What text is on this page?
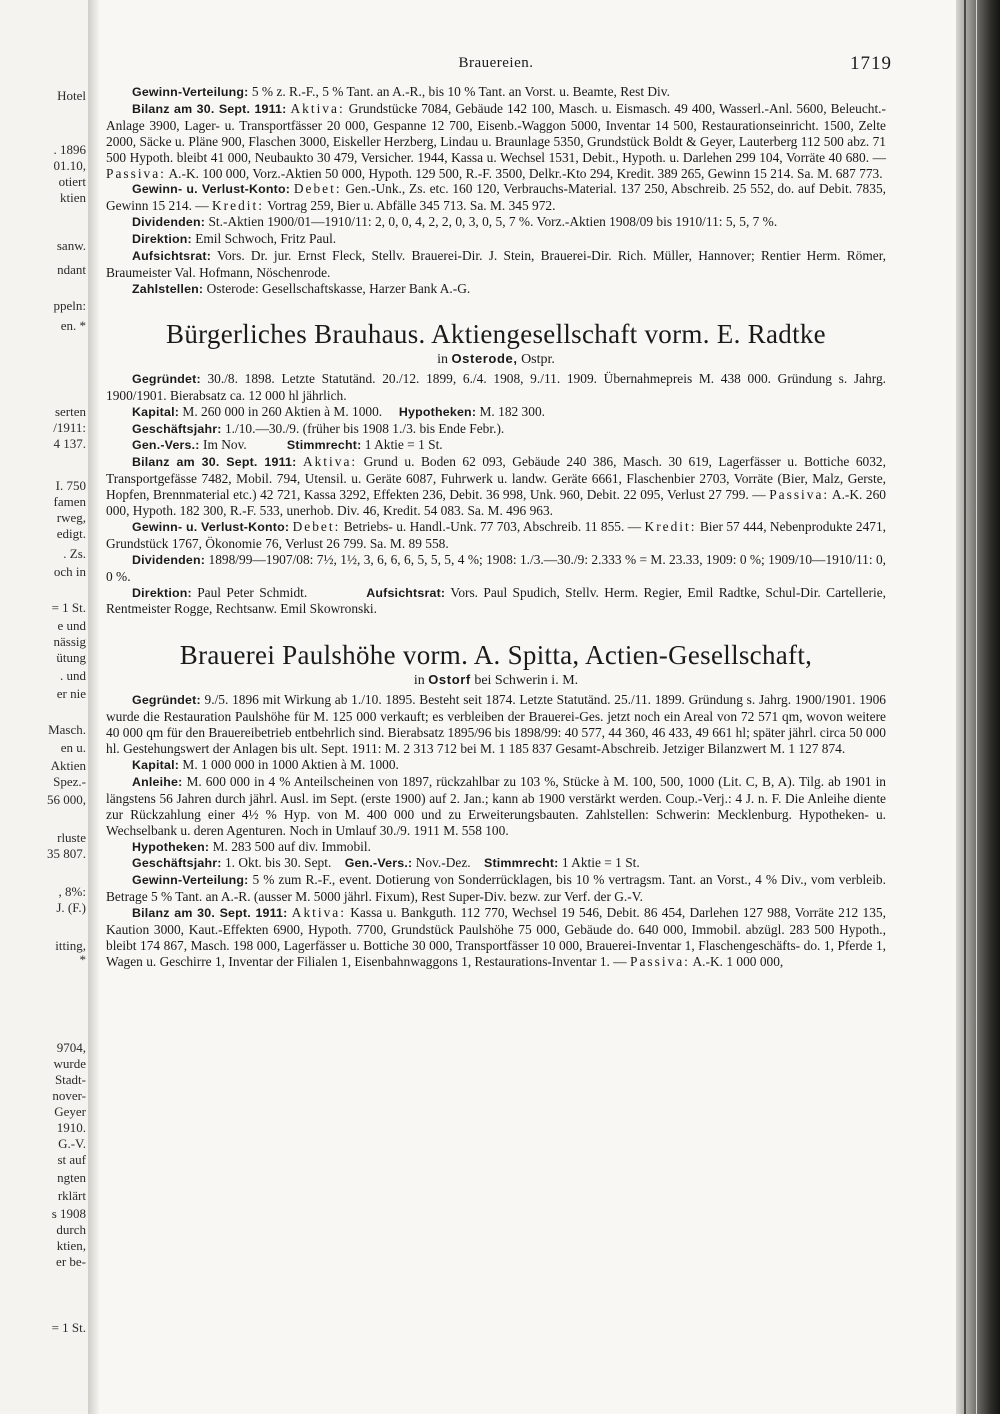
Hotel
. 1896
01.10,
otiert
ktien
sanw.
ndant
ppeln:
en. *
serten
/1911:
4 137.
I. 750
famen
rweg,
edigt.
. Zs.
och in
= 1 St.
e und
nässig
ütung
. und
er nie
Masch.
en u.
Aktien
Spez.-
56 000,
rluste
35 807.
, 8%:
J. (F.)
itting,
*
9704,
wurde
Stadt-
nover-
Geyer
1910.
G.-V.
st auf
ngten
rklärt
s 1908
durch
ktien,
er be-
= 1 St.
Brauereien.	1719

Gewinn-Verteilung: 5 % z. R.-F., 5 % Tant. an A.-R., bis 10 % Tant. an Vorst. u. Beamte, Rest Div.

Bilanz am 30. Sept. 1911: Aktiva: Grundstücke 7084, Gebäude 142 100, Masch. u. Eismasch. 49 400, Wasserl.-Anl. 5600, Beleucht.-Anlage 3900, Lager- u. Transportfässer 20 000, Gespanne 12 700, Eisenb.-Waggon 5000, Inventar 14 500, Restaurationseinricht. 1500, Zelte 2000, Säcke u. Pläne 900, Flaschen 3000, Eiskeller Herzberg, Lindau u. Braunlage 5350, Grundstück Boldt & Geyer, Lauterberg 112 500 abz. 71 500 Hypoth. bleibt 41 000, Neubaukto 30 479, Versicher. 1944, Kassa u. Wechsel 1531, Debit., Hypoth. u. Darlehen 299 104, Vorräte 40 680. — Passiva: A.-K. 100 000, Vorz.-Aktien 50 000, Hypoth. 129 500, R.-F. 3500, Delkr.-Kto 294, Kredit. 389 265, Gewinn 15 214. Sa. M. 687 773.

Gewinn- u. Verlust-Konto: Debet: Gen.-Unk., Zs. etc. 160 120, Verbrauchs-Material. 137 250, Abschreib. 25 552, do. auf Debit. 7835, Gewinn 15 214. — Kredit: Vortrag 259, Bier u. Abfälle 345 713. Sa. M. 345 972.

Dividenden: St.-Aktien 1900/01—1910/11: 2, 0, 0, 4, 2, 2, 0, 3, 0, 5, 7 %. Vorz.-Aktien 1908/09 bis 1910/11: 5, 5, 7 %.

Direktion: Emil Schwoch, Fritz Paul.

Aufsichtsrat: Vors. Dr. jur. Ernst Fleck, Stellv. Brauerei-Dir. J. Stein, Brauerei-Dir. Rich. Müller, Hannover; Rentier Herm. Römer, Braumeister Val. Hofmann, Nöschenrode.

Zahlstellen: Osterode: Gesellschaftskasse, Harzer Bank A.-G.

Bürgerliches Brauhaus. Aktiengesellschaft vorm. E. Radtke

in Osterode, Ostpr.

Gegründet: 30./8. 1898. Letzte Statutänd. 20./12. 1899, 6./4. 1908, 9./11. 1909. Übernahmepreis M. 438 000. Gründung s. Jahrg. 1900/1901. Bierabsatz ca. 12 000 hl jährlich.

Kapital: M. 260 000 in 260 Aktien à M. 1000. Hypotheken: M. 182 300.

Geschäftsjahr: 1./10.—30./9. (früher bis 1908 1./3. bis Ende Febr.).

Gen.-Vers.: Im Nov.	Stimmrecht: 1 Aktie = 1 St.

Bilanz am 30. Sept. 1911: Aktiva: Grund u. Boden 62 093, Gebäude 240 386, Masch. 30 619, Lagerfässer u. Bottiche 6032, Transportgefässe 7482, Mobil. 794, Utensil. u. Geräte 6087, Fuhrwerk u. landw. Geräte 6661, Flaschenbier 2703, Vorräte (Bier, Malz, Gerste, Hopfen, Brennmaterial etc.) 42 721, Kassa 3292, Effekten 236, Debit. 36 998, Unk. 960, Debit. 22 095, Verlust 27 799. — Passiva: A.-K. 260 000, Hypoth. 182 300, R.-F. 533, unerhob. Div. 46, Kredit. 54 083. Sa. M. 496 963.

Gewinn- u. Verlust-Konto: Debet: Betriebs- u. Handl.-Unk. 77 703, Abschreib. 11 855. — Kredit: Bier 57 444, Nebenprodukte 2471, Grundstück 1767, Ökonomie 76, Verlust 26 799. Sa. M. 89 558.

Dividenden: 1898/99—1907/08: 7½, 1½, 3, 6, 6, 6, 5, 5, 5, 4 %; 1908: 1./3.—30./9: 2.333 % = M. 23.33, 1909: 0 %; 1909/10—1910/11: 0, 0 %.

Direktion: Paul Peter Schmidt.	Aufsichtsrat: Vors. Paul Spudich, Stellv. Herm. Regier, Emil Radtke, Schul-Dir. Cartellerie, Rentmeister Rogge, Rechtsanw. Emil Skowronski.

Brauerei Paulshöhe vorm. A. Spitta, Actien-Gesellschaft,

in Ostorf bei Schwerin i. M.

Gegründet: 9./5. 1896 mit Wirkung ab 1./10. 1895. Besteht seit 1874. Letzte Statutänd. 25./11. 1899. Gründung s. Jahrg. 1900/1901. 1906 wurde die Restauration Paulshöhe für M. 125 000 verkauft; es verbleiben der Brauerei-Ges. jetzt noch ein Areal von 72 571 qm, wovon weitere 40 000 qm für den Brauereibetrieb entbehrlich sind. Bierabsatz 1895/96 bis 1898/99: 40 577, 44 360, 46 433, 49 661 hl; später jährl. circa 50 000 hl. Gestehungswert der Anlagen bis ult. Sept. 1911: M. 2 313 712 bei M. 1 185 837 Gesamt-Abschreib. Jetziger Bilanzwert M. 1 127 874.

Kapital: M. 1 000 000 in 1000 Aktien à M. 1000.

Anleihe: M. 600 000 in 4 % Anteilscheinen von 1897, rückzahlbar zu 103 %, Stücke à M. 100, 500, 1000 (Lit. C, B, A). Tilg. ab 1901 in längstens 56 Jahren durch jährl. Ausl. im Sept. (erste 1900) auf 2. Jan.; kann ab 1900 verstärkt werden. Coup.-Verj.: 4 J. n. F. Die Anleihe diente zur Rückzahlung einer 4½ % Hyp. von M. 400 000 und zu Erweiterungsbauten. Zahlstellen: Schwerin: Mecklenburg. Hypotheken- u. Wechselbank u. deren Agenturen. Noch in Umlauf 30./9. 1911 M. 558 100.

Hypotheken: M. 283 500 auf div. Immobil.

Geschäftsjahr: 1. Okt. bis 30. Sept. Gen.-Vers.: Nov.-Dez. Stimmrecht: 1 Aktie = 1 St.

Gewinn-Verteilung: 5 % zum R.-F., event. Dotierung von Sonderrücklagen, bis 10 % vertragsm. Tant. an Vorst., 4 % Div., vom verbleib. Betrage 5 % Tant. an A.-R. (ausser M. 5000 jährl. Fixum), Rest Super-Div. bezw. zur Verf. der G.-V.

Bilanz am 30. Sept. 1911: Aktiva: Kassa u. Bankguth. 112 770, Wechsel 19 546, Debit. 86 454, Darlehen 127 988, Vorräte 212 135, Kaution 3000, Kaut.-Effekten 6900, Hypoth. 7700, Grundstück Paulshöhe 75 000, Gebäude do. 640 000, Immobil. abzügl. 283 500 Hypoth., bleibt 174 867, Masch. 198 000, Lagerfässer u. Bottiche 30 000, Transportfässer 10 000, Brauerei-Inventar 1, Flaschengeschäfts- do. 1, Pferde 1, Wagen u. Geschirre 1, Inventar der Filialen 1, Eisenbahnwaggons 1, Restaurations-Inventar 1. — Passiva: A.-K. 1 000 000,
